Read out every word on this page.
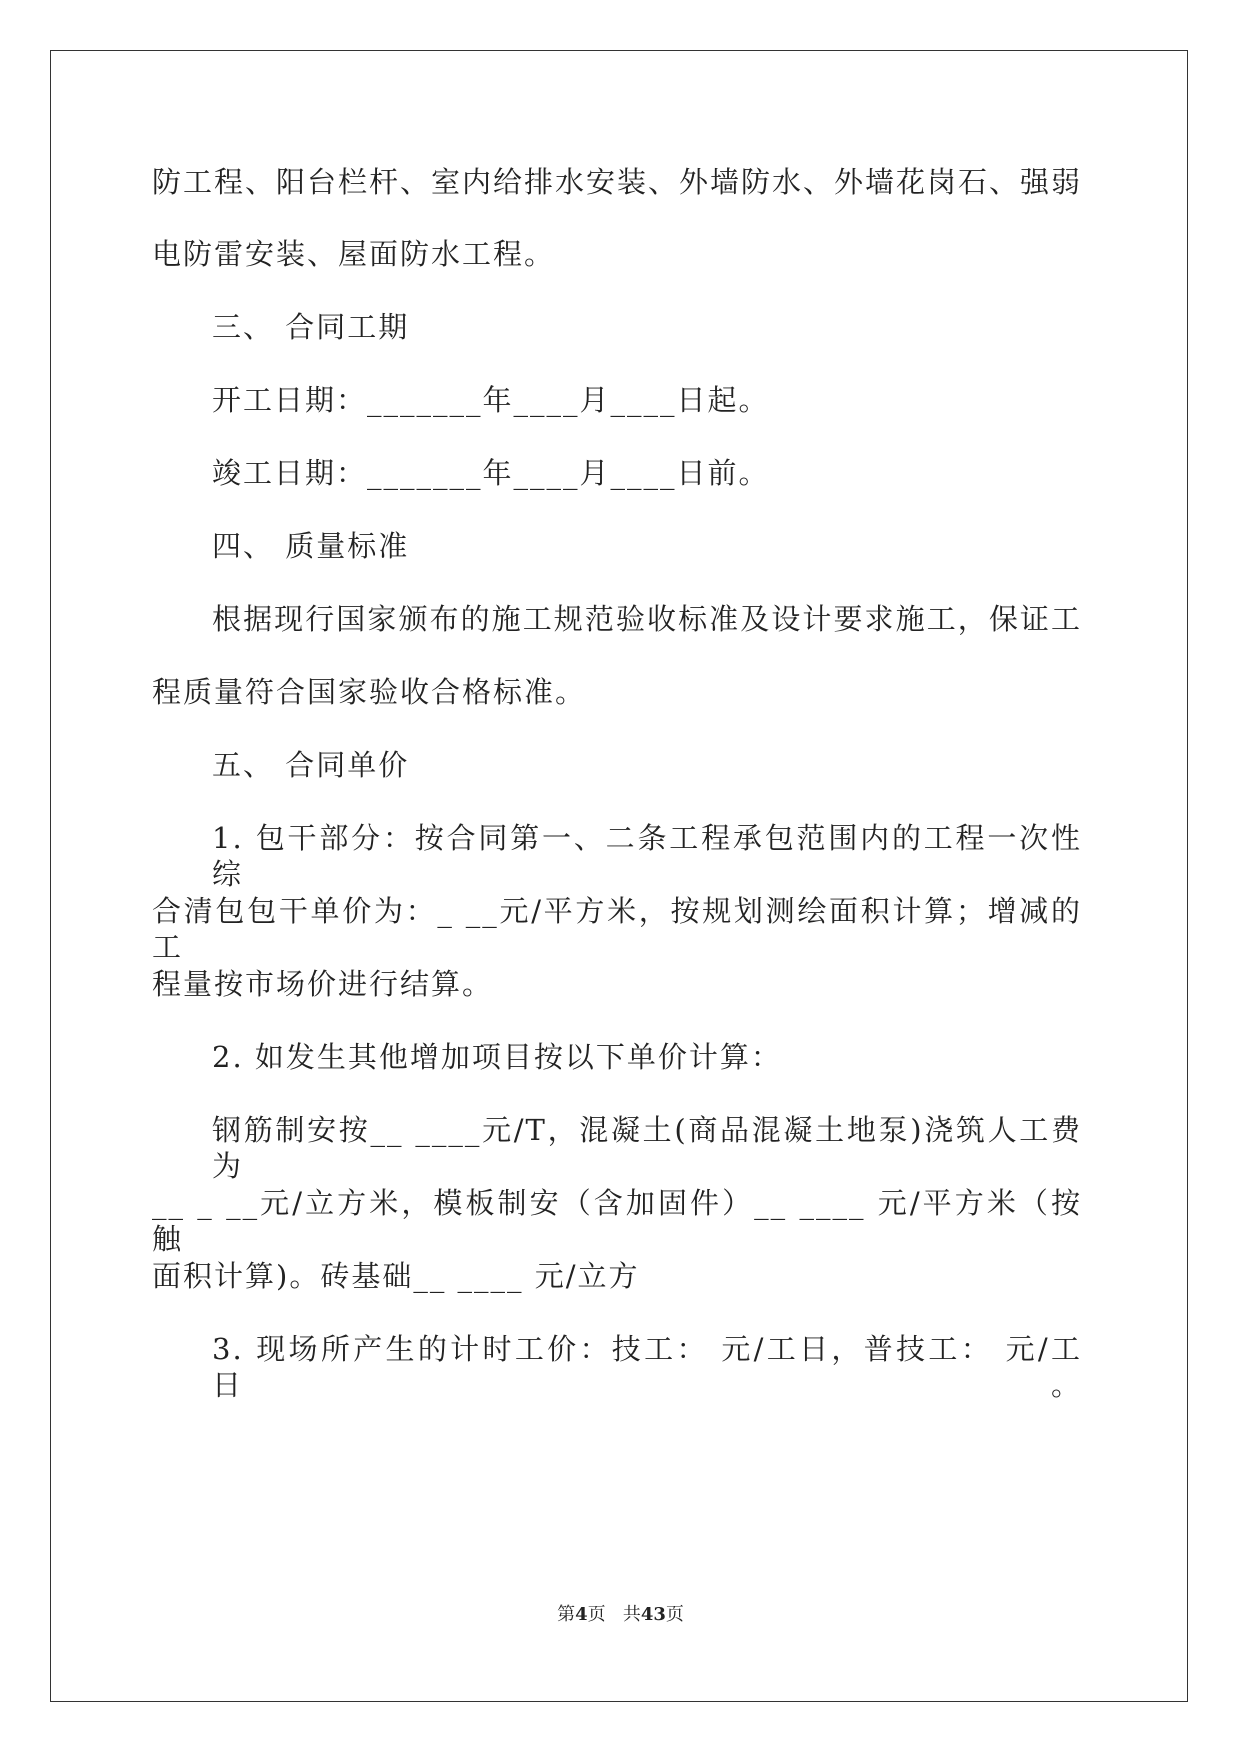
防工程、阳台栏杆、室内给排水安装、外墙防水、外墙花岗石、强弱
电防雷安装、屋面防水工程。
三、 合同工期
开工日期：_______年____月____日起。
竣工日期：_______年____月____日前。
四、 质量标准
根据现行国家颁布的施工规范验收标准及设计要求施工，保证工
程质量符合国家验收合格标准。
五、 合同单价
1. 包干部分：按合同第一、二条工程承包范围内的工程一次性综
合清包包干单价为：_ __元/平方米，按规划测绘面积计算；增减的工
程量按市场价进行结算。
2. 如发生其他增加项目按以下单价计算：
钢筋制安按__ ____元/T，混凝土(商品混凝土地泵)浇筑人工费为
__ _ __元/立方米，模板制安（含加固件）__ ____ 元/平方米（按触
面积计算)。砖基础__ ____ 元/立方
3. 现场所产生的计时工价：技工： 元/工日，普技工： 元/工日。
第4页 共43页
